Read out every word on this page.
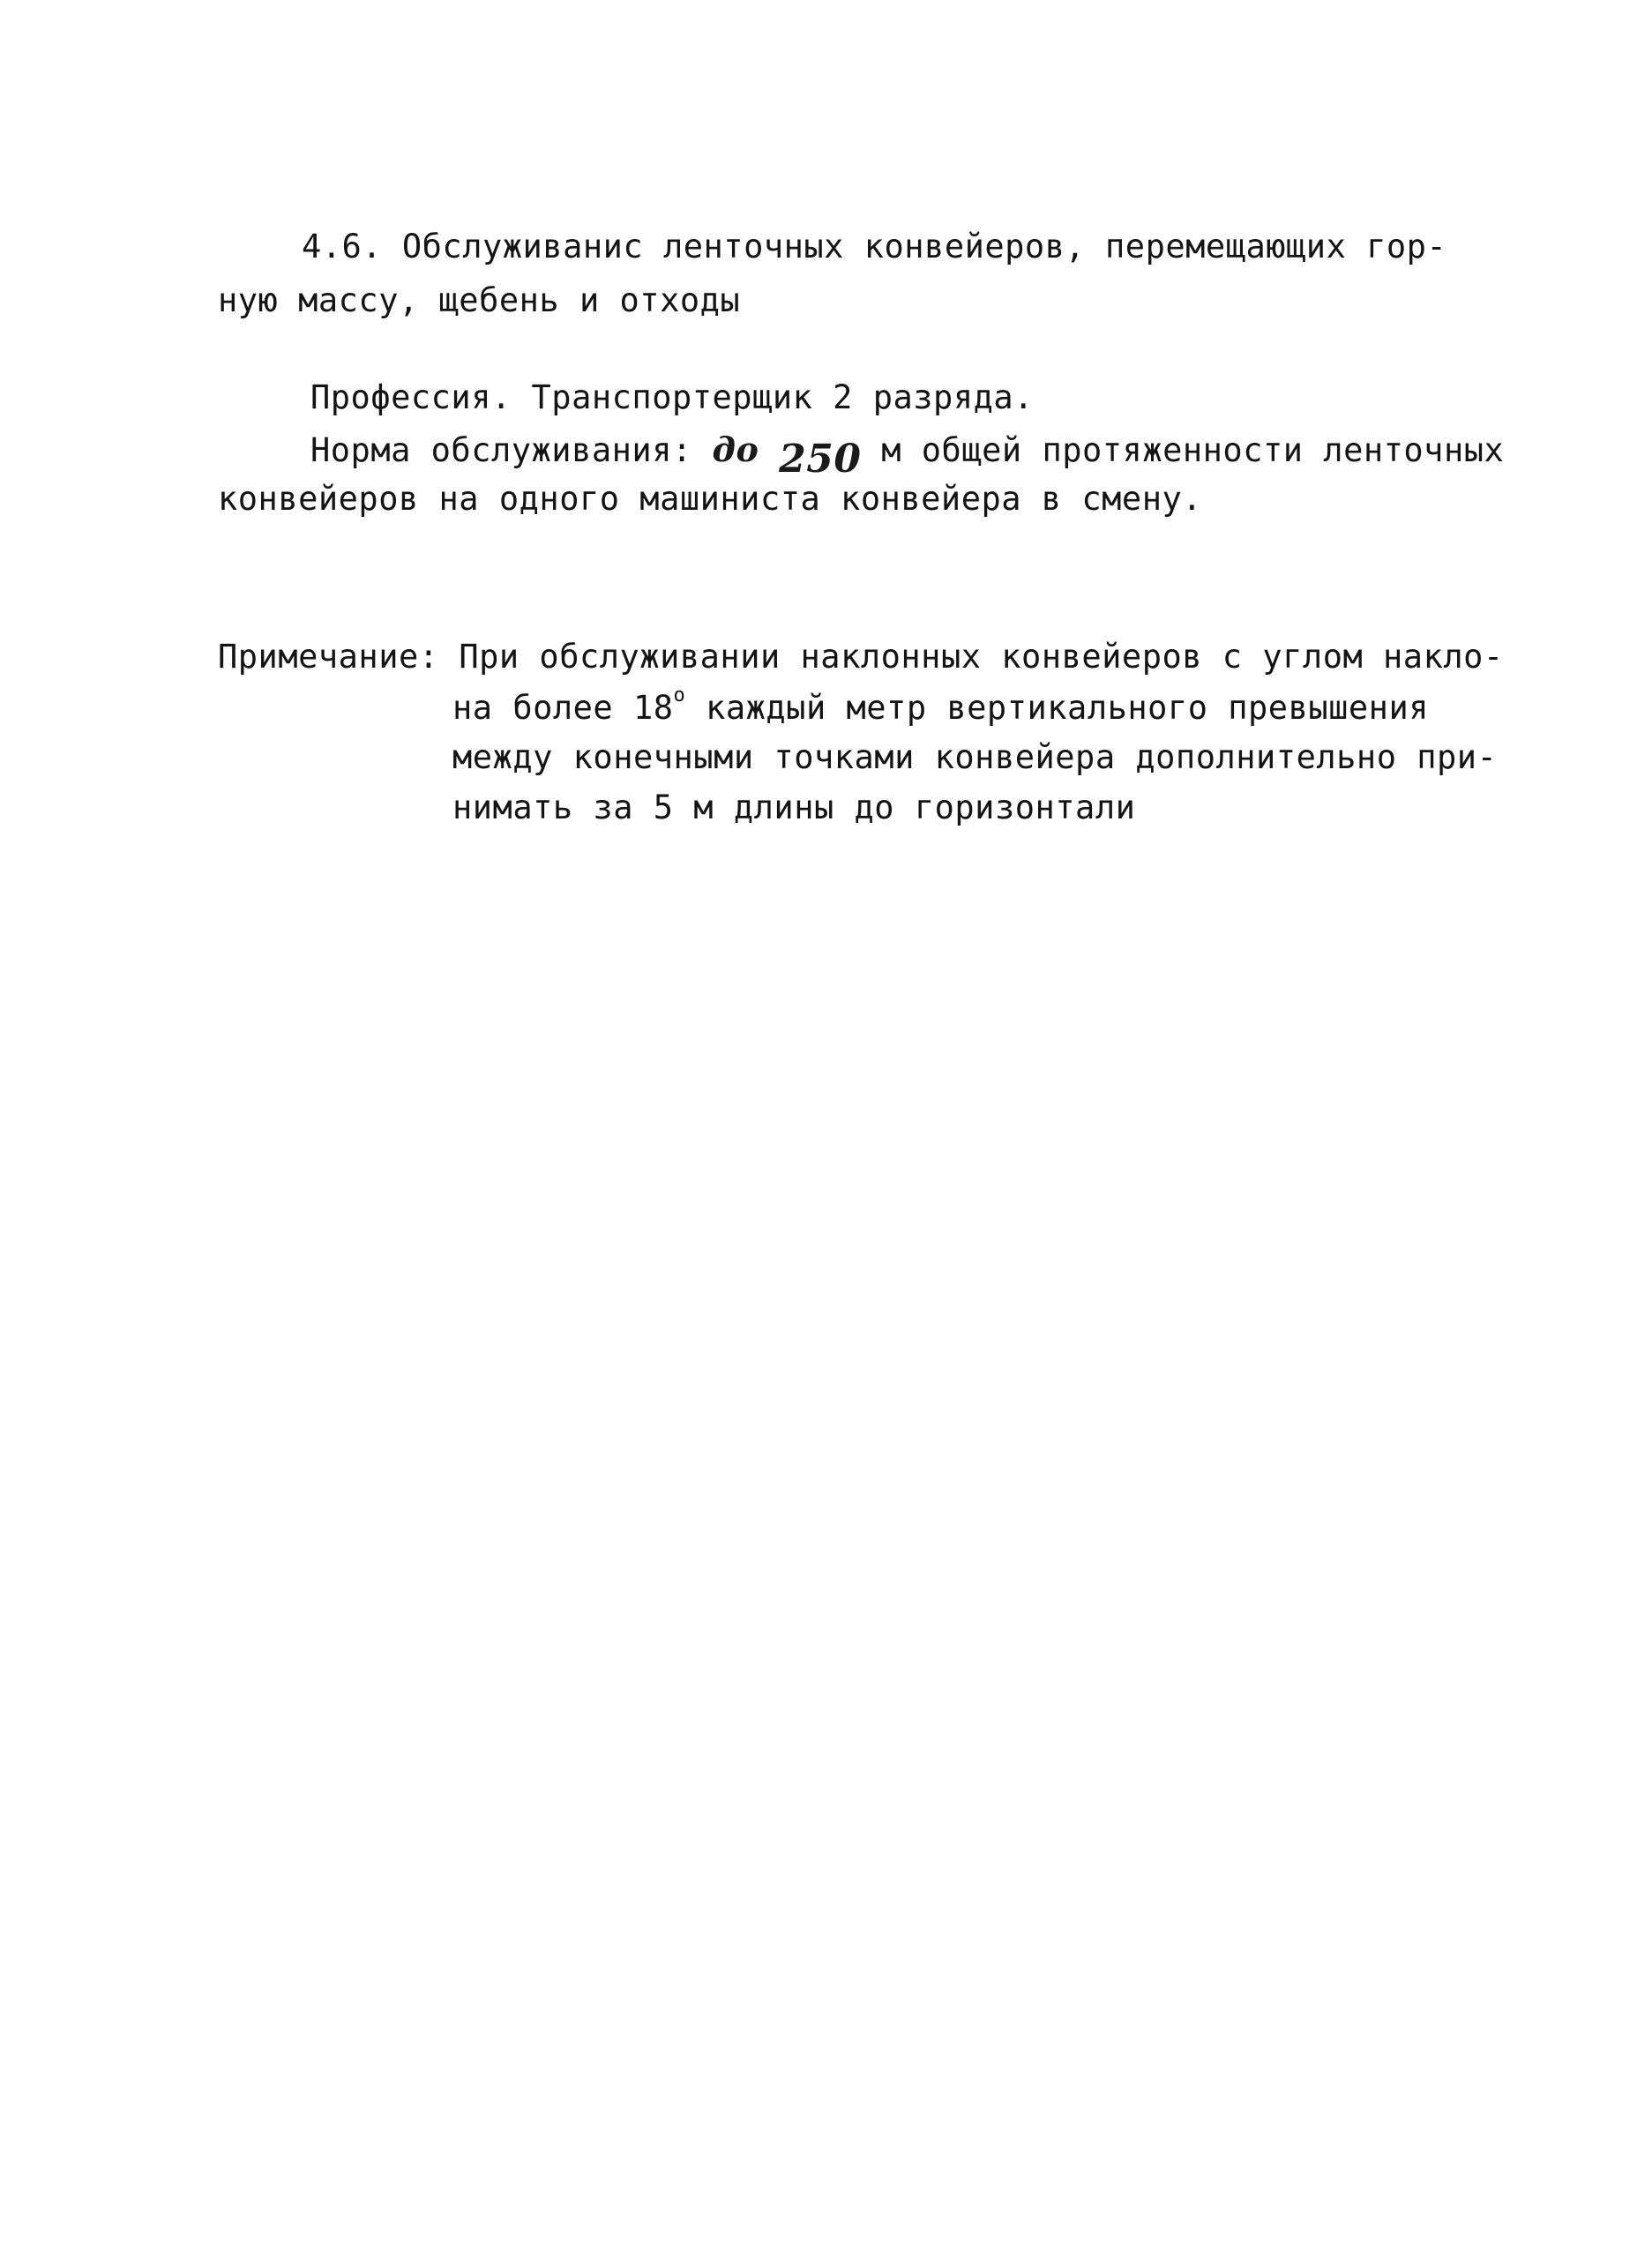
4.6. Обслуживанис ленточных конвейеров, перемещающих гор-
ную массу, щебень и отходы
Профессия. Транспортерщик 2 разряда.
Норма обслуживания: до 250 м общей протяженности ленточных
конвейеров на одного машиниста конвейера в смену.
Примечание: При обслуживании наклонных конвейеров с углом накло-
на более $18^о$ каждый метр вертикального превышения
между конечными точками конвейера дополнительно при-
нимать за 5 м длины до горизонтали
